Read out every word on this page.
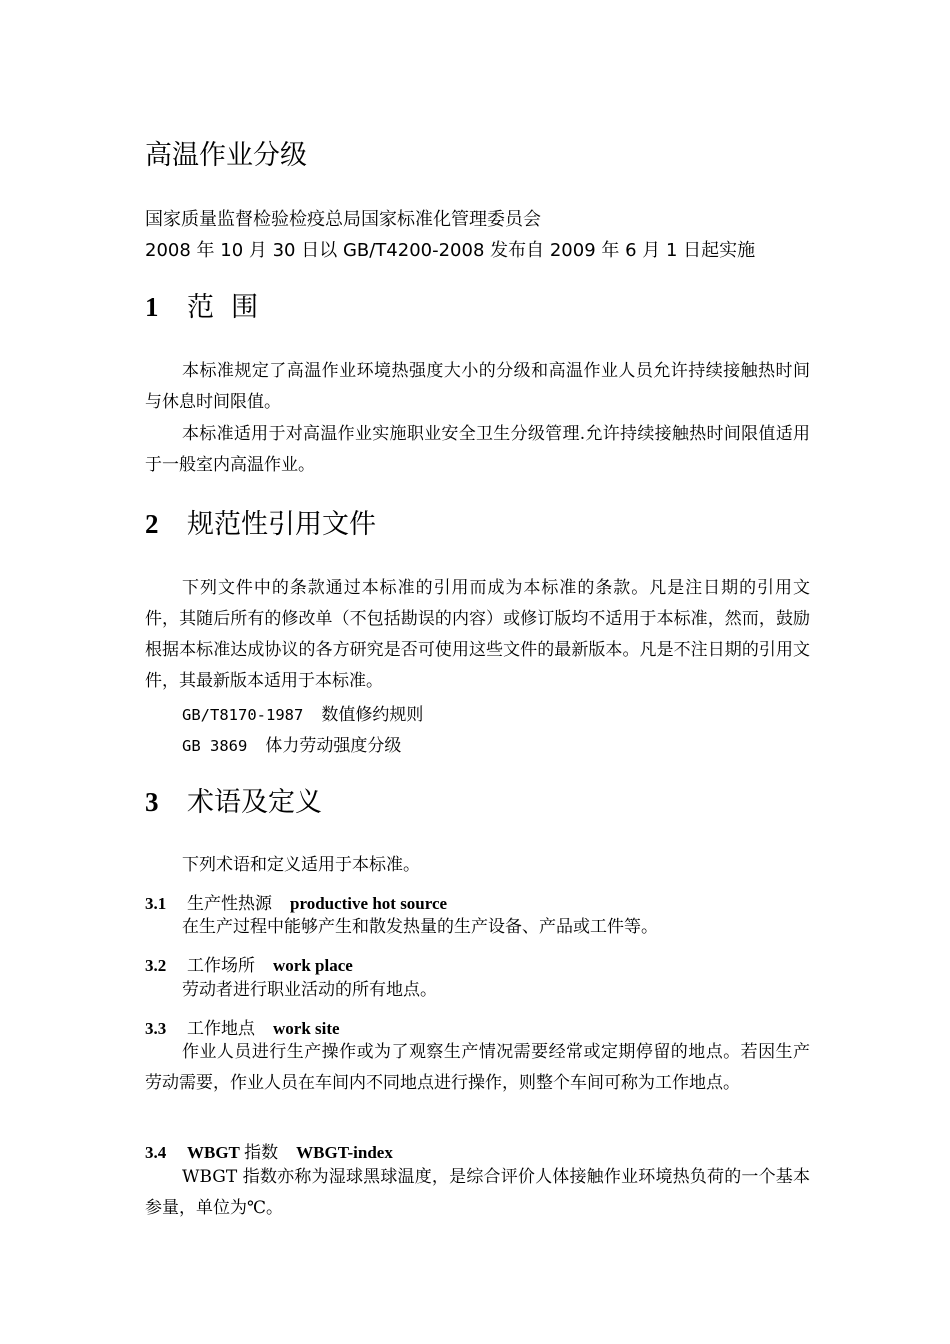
高温作业分级
国家质量监督检验检疫总局国家标准化管理委员会
2008 年 10 月 30 日以 GB/T4200-2008 发布自 2009 年 6 月 1 日起实施
1 范  围
本标准规定了高温作业环境热强度大小的分级和高温作业人员允许持续接触热时间与休息时间限值。
本标准适用于对高温作业实施职业安全卫生分级管理.允许持续接触热时间限值适用于一般室内高温作业。
2 规范性引用文件
下列文件中的条款通过本标准的引用而成为本标准的条款。凡是注日期的引用文件，其随后所有的修改单（不包括勘误的内容）或修订版均不适用于本标准，然而，鼓励根据本标准达成协议的各方研究是否可使用这些文件的最新版本。凡是不注日期的引用文件，其最新版本适用于本标准。
GB/T8170-1987 数值修约规则
GB 3869 体力劳动强度分级
3 术语及定义
下列术语和定义适用于本标准。
3.1 生产性热源 productive hot source
在生产过程中能够产生和散发热量的生产设备、产品或工件等。
3.2 工作场所 work place
劳动者进行职业活动的所有地点。
3.3 工作地点 work site
作业人员进行生产操作或为了观察生产情况需要经常或定期停留的地点。若因生产劳动需要，作业人员在车间内不同地点进行操作，则整个车间可称为工作地点。
3.4 WBGT 指数 WBGT-index
WBGT 指数亦称为湿球黑球温度，是综合评价人体接触作业环境热负荷的一个基本参量，单位为℃。
